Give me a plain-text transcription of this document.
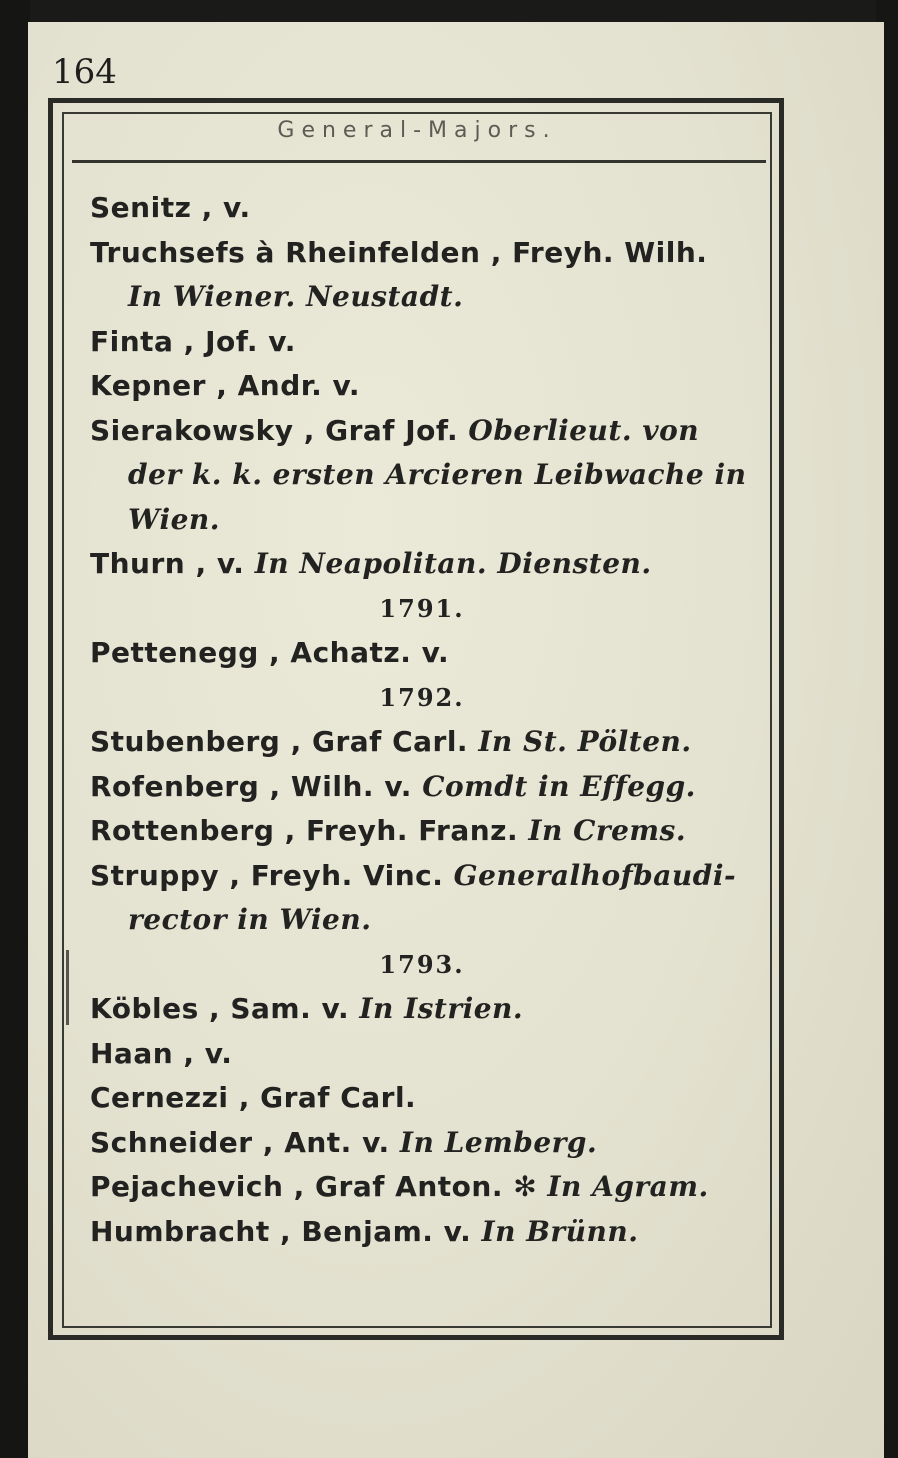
164
General-Majors.
Senitz , v.
Truchsefs à Rheinfelden , Freyh. Wilh.
In Wiener. Neustadt.
Finta , Jof. v.
Kepner , Andr. v.
Sierakowsky , Graf Jof. Oberlieut. von
der k. k. ersten Arcieren Leibwache in
Wien.
Thurn , v. In Neapolitan. Diensten.
1791.
Pettenegg , Achatz. v.
1792.
Stubenberg , Graf Carl. In St. Pölten.
Rofenberg , Wilh. v. Comdt in Effegg.
Rottenberg , Freyh. Franz. In Crems.
Struppy , Freyh. Vinc. Generalhofbaudi-
rector in Wien.
1793.
Köbles , Sam. v. In Istrien.
Haan , v.
Cernezzi , Graf Carl.
Schneider , Ant. v. In Lemberg.
Pejachevich , Graf Anton. ✻ In Agram.
Humbracht , Benjam. v. In Brünn.
